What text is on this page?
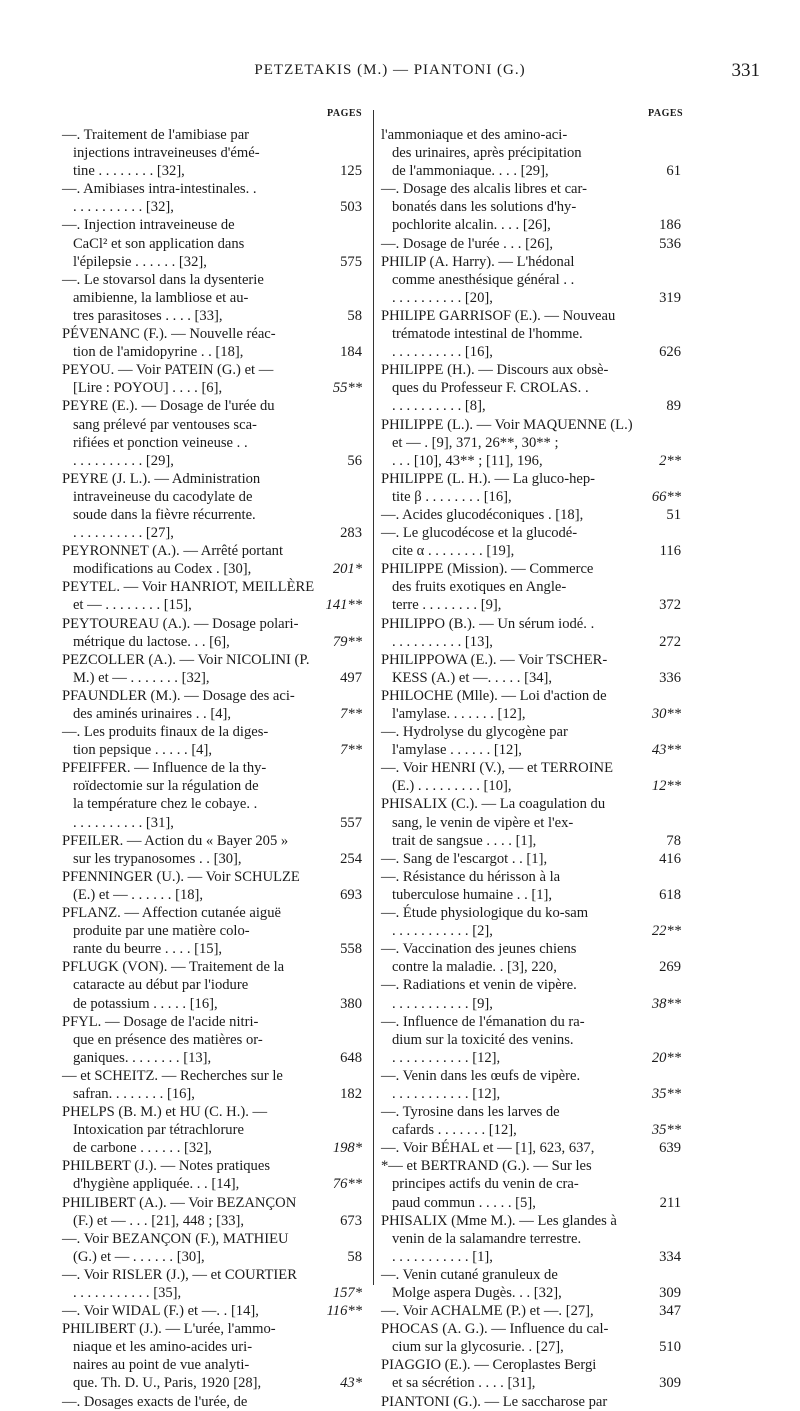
PETZETAKIS (M.) — PIANTONI (G.)	331
PAGES	PAGES
—. Traitement de l'amibiase par
injections intraveineuses d'émé-
tine . . . . . . . . [32],	125
—. Amibiases intra-intestinales. .
. . . . . . . . . . [32],	503
—. Injection intraveineuse de
CaCl² et son application dans
l'épilepsie . . . . . . [32],	575
—. Le stovarsol dans la dysenterie
amibienne, la lambliose et au-
tres parasitoses . . . . [33],	58
PÉVENANC (F.). — Nouvelle réac-
tion de l'amidopyrine . . [18],	184
PEYOU. — Voir PATEIN (G.) et —
[Lire : POYOU] . . . . [6],	55**
PEYRE (E.). — Dosage de l'urée du
sang prélevé par ventouses sca-
rifiées et ponction veineuse . .
. . . . . . . . . . [29],	56
PEYRE (J. L.). — Administration
intraveineuse du cacodylate de
soude dans la fièvre récurrente.
. . . . . . . . . . [27],	283
PEYRONNET (A.). — Arrêté portant
modifications au Codex . [30],	201*
PEYTEL. — Voir HANRIOT, MEILLÈRE
et — . . . . . . . . [15],	141**
PEYTOUREAU (A.). — Dosage polari-
métrique du lactose. . . [6],	79**
PEZCOLLER (A.). — Voir NICOLINI (P.
M.) et — . . . . . . . [32],	497
PFAUNDLER (M.). — Dosage des aci-
des aminés urinaires . . [4],	7**
—. Les produits finaux de la diges-
tion pepsique . . . . . [4],	7**
PFEIFFER. — Influence de la thy-
roïdectomie sur la régulation de
la température chez le cobaye. .
. . . . . . . . . . [31],	557
PFEILER. — Action du « Bayer 205 »
sur les trypanosomes . . [30],	254
PFENNINGER (U.). — Voir SCHULZE
(E.) et — . . . . . . [18],	693
PFLANZ. — Affection cutanée aiguë
produite par une matière colo-
rante du beurre . . . . [15],	558
PFLUGK (VON). — Traitement de la
cataracte au début par l'iodure
de potassium . . . . . [16],	380
PFYL. — Dosage de l'acide nitri-
que en présence des matières or-
ganiques. . . . . . . . [13],	648
— et SCHEITZ. — Recherches sur le
safran. . . . . . . . [16],	182
PHELPS (B. M.) et HU (C. H.). —
Intoxication par tétrachlorure
de carbone . . . . . . [32],	198*
PHILBERT (J.). — Notes pratiques
d'hygiène appliquée. . . [14],	76**
PHILIBERT (A.). — Voir BEZANÇON
(F.) et — . . . [21], 448 ; [33],	673
—. Voir BEZANÇON (F.), MATHIEU
(G.) et — . . . . . . [30],	58
—. Voir RISLER (J.), — et COURTIER
. . . . . . . . . . . [35],	157*
—. Voir WIDAL (F.) et —. . [14],	116**
PHILIBERT (J.). — L'urée, l'ammo-
niaque et les amino-acides uri-
naires au point de vue analyti-
que. Th. D. U., Paris, 1920 [28],	43*
—. Dosages exacts de l'urée, de
l'ammoniaque et des amino-aci-
des urinaires, après précipitation
de l'ammoniaque. . . . [29],	61
—. Dosage des alcalis libres et car-
bonatés dans les solutions d'hy-
pochlorite alcalin. . . . [26],	186
—. Dosage de l'urée . . . [26],	536
PHILIP (A. Harry). — L'hédonal
comme anesthésique général . .
. . . . . . . . . . [20],	319
PHILIPE GARRISOF (E.). — Nouveau
trématode intestinal de l'homme.
. . . . . . . . . . [16],	626
PHILIPPE (H.). — Discours aux obsè-
ques du Professeur F. CROLAS. .
. . . . . . . . . . [8],	89
PHILIPPE (L.). — Voir MAQUENNE (L.)
et — . [9], 371, 26**, 30** ;
. . . [10], 43** ; [11], 196,	2**
PHILIPPE (L. H.). — La gluco-hep-
tite β . . . . . . . . [16],	66**
—. Acides glucodéconiques . [18],	51
—. Le glucodécose et la glucodé-
cite α . . . . . . . . [19],	116
PHILIPPE (Mission). — Commerce
des fruits exotiques en Angle-
terre . . . . . . . . [9],	372
PHILIPPO (B.). — Un sérum iodé. .
. . . . . . . . . . [13],	272
PHILIPPOWA (E.). — Voir TSCHER-
KESS (A.) et —. . . . . [34],	336
PHILOCHE (Mlle). — Loi d'action de
l'amylase. . . . . . . [12],	30**
—. Hydrolyse du glycogène par
l'amylase . . . . . . [12],	43**
—. Voir HENRI (V.), — et TERROINE
(E.) . . . . . . . . . [10],	12**
PHISALIX (C.). — La coagulation du
sang, le venin de vipère et l'ex-
trait de sangsue . . . . [1],	78
—. Sang de l'escargot . . [1],	416
—. Résistance du hérisson à la
tuberculose humaine . . [1],	618
—. Étude physiologique du ko-sam
. . . . . . . . . . . [2],	22**
—. Vaccination des jeunes chiens
contre la maladie. . [3], 220,	269
—. Radiations et venin de vipère.
. . . . . . . . . . . [9],	38**
—. Influence de l'émanation du ra-
dium sur la toxicité des venins.
. . . . . . . . . . . [12],	20**
—. Venin dans les œufs de vipère.
. . . . . . . . . . . [12],	35**
—. Tyrosine dans les larves de
cafards . . . . . . . [12],	35**
—. Voir BÉHAL et — [1], 623, 637,	639
*— et BERTRAND (G.). — Sur les
principes actifs du venin de cra-
paud commun . . . . . [5],	211
PHISALIX (Mme M.). — Les glandes à
venin de la salamandre terrestre.
. . . . . . . . . . . [1],	334
—. Venin cutané granuleux de
Molge aspera Dugès. . . [32],	309
—. Voir ACHALME (P.) et —. [27],	347
PHOCAS (A. G.). — Influence du cal-
cium sur la glycosurie. . [27],	510
PIAGGIO (E.). — Ceroplastes Bergi
et sa sécrétion . . . . [31],	309
PIANTONI (G.). — Le saccharose par
